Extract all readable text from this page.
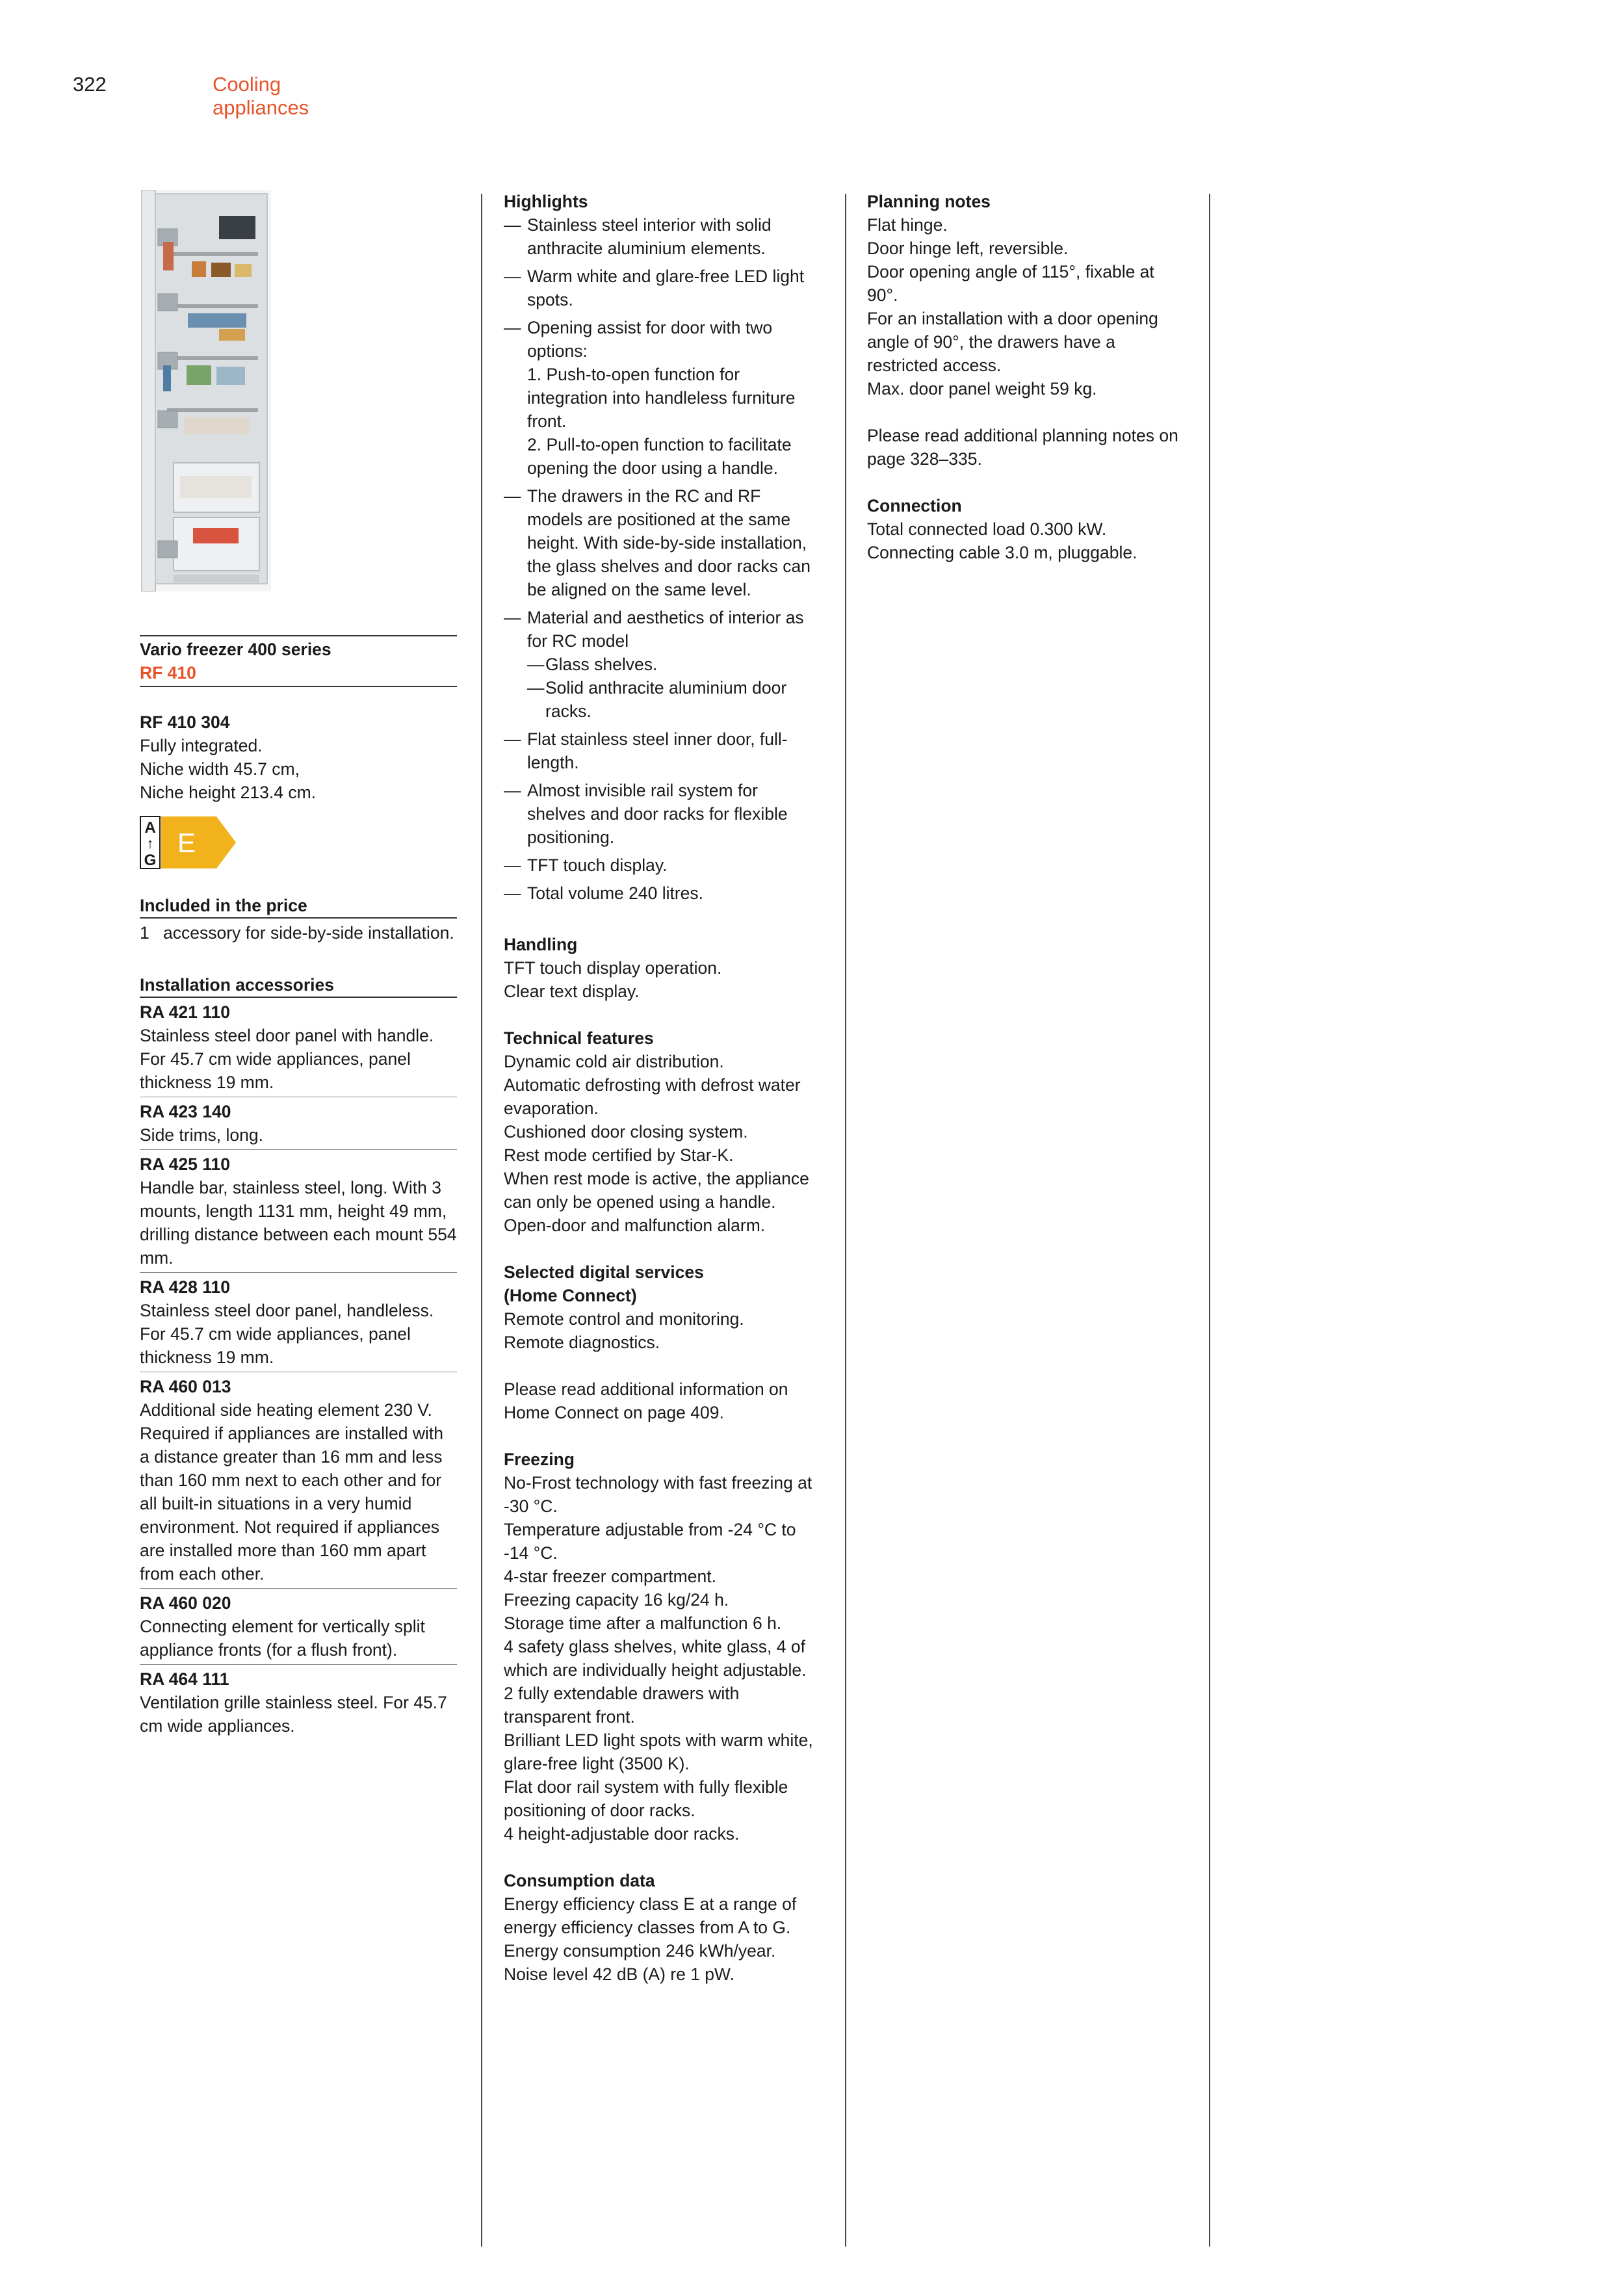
322	Cooling appliances
Vario freezer 400 series
RF 410
RF 410 304
Fully integrated.
Niche width 45.7 cm,
Niche height 213.4 cm.
A
↑
G
E
Included in the price
1 accessory for side-by-side installation.
Installation accessories
RA 421 110
Stainless steel door panel with handle. For 45.7 cm wide appliances, panel thickness 19 mm.
RA 423 140
Side trims, long.
RA 425 110
Handle bar, stainless steel, long. With 3 mounts, length 1131 mm, height 49 mm, drilling distance between each mount 554 mm.
RA 428 110
Stainless steel door panel, handleless. For 45.7 cm wide appliances, panel thickness 19 mm.
RA 460 013
Additional side heating element 230 V. Required if appliances are installed with a distance greater than 16 mm and less than 160 mm next to each other and for all built-in situations in a very humid environment. Not required if appliances are installed more than 160 mm apart from each other.
RA 460 020
Connecting element for vertically split appliance fronts (for a flush front).
RA 464 111
Ventilation grille stainless steel. For 45.7 cm wide appliances.
Highlights
— Stainless steel interior with solid anthracite aluminium elements.
— Warm white and glare-free LED light spots.
— Opening assist for door with two options:
1. Push-to-open function for integration into handleless furniture front.
2. Pull-to-open function to facilitate opening the door using a handle.
— The drawers in the RC and RF models are positioned at the same height. With side-by-side installation, the glass shelves and door racks can be aligned on the same level.
— Material and aesthetics of interior as for RC model
— Glass shelves.
— Solid anthracite aluminium door racks.
— Flat stainless steel inner door, full-length.
— Almost invisible rail system for shelves and door racks for flexible positioning.
— TFT touch display.
— Total volume 240 litres.
Handling
TFT touch display operation.
Clear text display.
Technical features
Dynamic cold air distribution.
Automatic defrosting with defrost water evaporation.
Cushioned door closing system.
Rest mode certified by Star-K.
When rest mode is active, the appliance can only be opened using a handle.
Open-door and malfunction alarm.
Selected digital services
(Home Connect)
Remote control and monitoring.
Remote diagnostics.
Please read additional information on Home Connect on page 409.
Freezing
No-Frost technology with fast freezing at -30 °C.
Temperature adjustable from -24 °C to -14 °C.
4-star freezer compartment.
Freezing capacity 16 kg/24 h.
Storage time after a malfunction 6 h.
4 safety glass shelves, white glass, 4 of which are individually height adjustable.
2 fully extendable drawers with transparent front.
Brilliant LED light spots with warm white, glare-free light (3500 K).
Flat door rail system with fully flexible positioning of door racks.
4 height-adjustable door racks.
Consumption data
Energy efficiency class E at a range of energy efficiency classes from A to G.
Energy consumption 246 kWh/year.
Noise level 42 dB (A) re 1 pW.
Planning notes
Flat hinge.
Door hinge left, reversible.
Door opening angle of 115°, fixable at 90°.
For an installation with a door opening angle of 90°, the drawers have a restricted access.
Max. door panel weight 59 kg.
Please read additional planning notes on page 328–335.
Connection
Total connected load 0.300 kW.
Connecting cable 3.0 m, pluggable.
